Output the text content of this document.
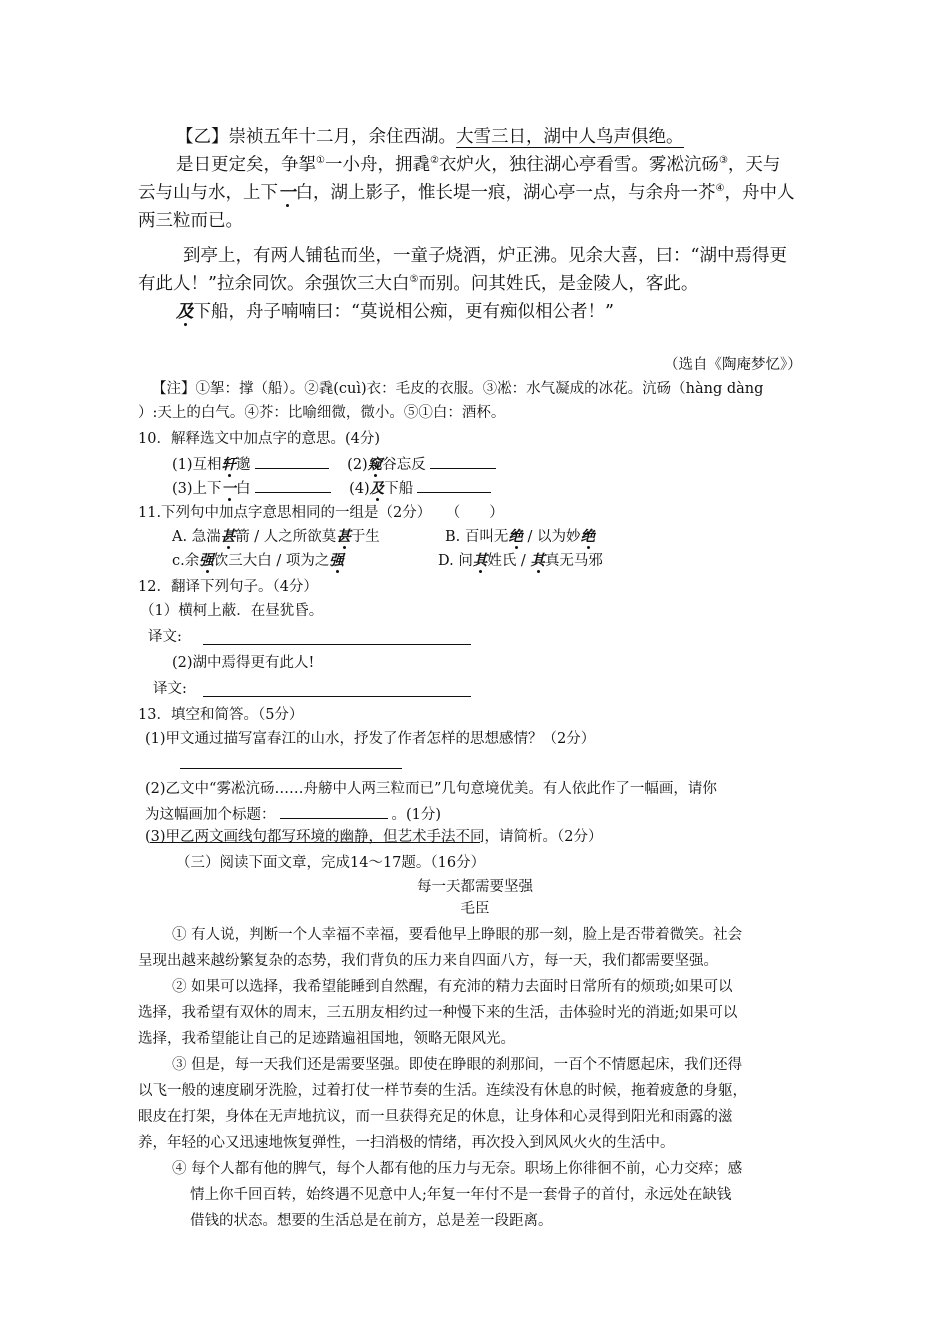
【乙】崇祯五年十二月，余住西湖。大雪三日，湖中人鸟声俱绝。
是日更定矣，争挐①一小舟，拥毳②衣炉火，独往湖心亭看雪。雾凇沆砀③，天与
云与山与水，上下一白，湖上影子，惟长堤一痕，湖心亭一点，与余舟一芥④，舟中人
两三粒而已。
到亭上，有两人铺毡而坐，一童子烧酒，炉正沸。见余大喜，曰：“湖中焉得更
有此人！”拉余同饮。余强饮三大白⑤而别。问其姓氏，是金陵人，客此。
及下船，舟子喃喃曰：“莫说相公痴，更有痴似相公者！”
（选自《陶庵梦忆》）
【注】①挐：撑（船）。②毳(cuì)衣：毛皮的衣服。③凇：水气凝成的冰花。沆砀（hàng dàng
）:天上的白气。④芥：比喻细微，微小。⑤①白：酒杯。
10．解释选文中加点字的意思。(4分)
(1)互相轩邈	(2)窥谷忘反
(3)上下一白	(4)及下船
11.下列句中加点字意思相同的一组是（2分）　　（　　）
A. 急湍甚箭 / 人之所欲莫甚于生	B. 百叫无绝 / 以为妙绝
c.余强饮三大白 / 项为之强	D. 问其姓氏 / 其真无马邪
12．翻译下列句子。（4分）
（1）横柯上蔽．在昼犹昏。
译文:
(2)湖中焉得更有此人!
译文:
13．填空和简答。（5分）
(1)甲文通过描写富春江的山水，抒发了作者怎样的思想感情？（2分）
(2)乙文中“雾凇沆砀……舟艕中人两三粒而已”几句意境优美。有人依此作了一幅画，请你
为这幅画加个标题：	。(1分)
(3)甲乙两文画线句都写环境的幽静，但艺术手法不同，请简析。（2分）
（三）阅读下面文章，完成14～17题。（16分）
每一天都需要坚强
毛臣
① 有人说，判断一个人幸福不幸福，要看他早上睁眼的那一刻，脸上是否带着微笑。社会
呈现出越来越纷繁复杂的态势，我们背负的压力来自四面八方，每一天，我们都需要坚强。
② 如果可以选择，我希望能睡到自然醒，有充沛的精力去面时日常所有的烦琐;如果可以
选择，我希望有双休的周末，三五朋友相约过一种慢下来的生活，击体验时光的消逝;如果可以
选择，我希望能让自己的足迹踏遍祖国地，领略无限风光。
③ 但是，每一天我们还是需要坚强。即使在睁眼的刹那间，一百个不情愿起床，我们还得
以飞一般的速度刷牙洗脸，过着打仗一样节奏的生活。连续没有休息的时候，拖着疲惫的身躯，
眼皮在打架，身体在无声地抗议，而一旦获得充足的休息，让身体和心灵得到阳光和雨露的滋
养，年轻的心又迅速地恢复弹性，一扫消极的情绪，再次投入到风风火火的生活中。
④ 每个人都有他的脾气，每个人都有他的压力与无奈。职场上你徘徊不前，心力交瘁；感
情上你千回百转，始终遇不见意中人;年复一年付不是一套骨子的首付，永远处在缺钱
借钱的状态。想要的生活总是在前方，总是差一段距离。
